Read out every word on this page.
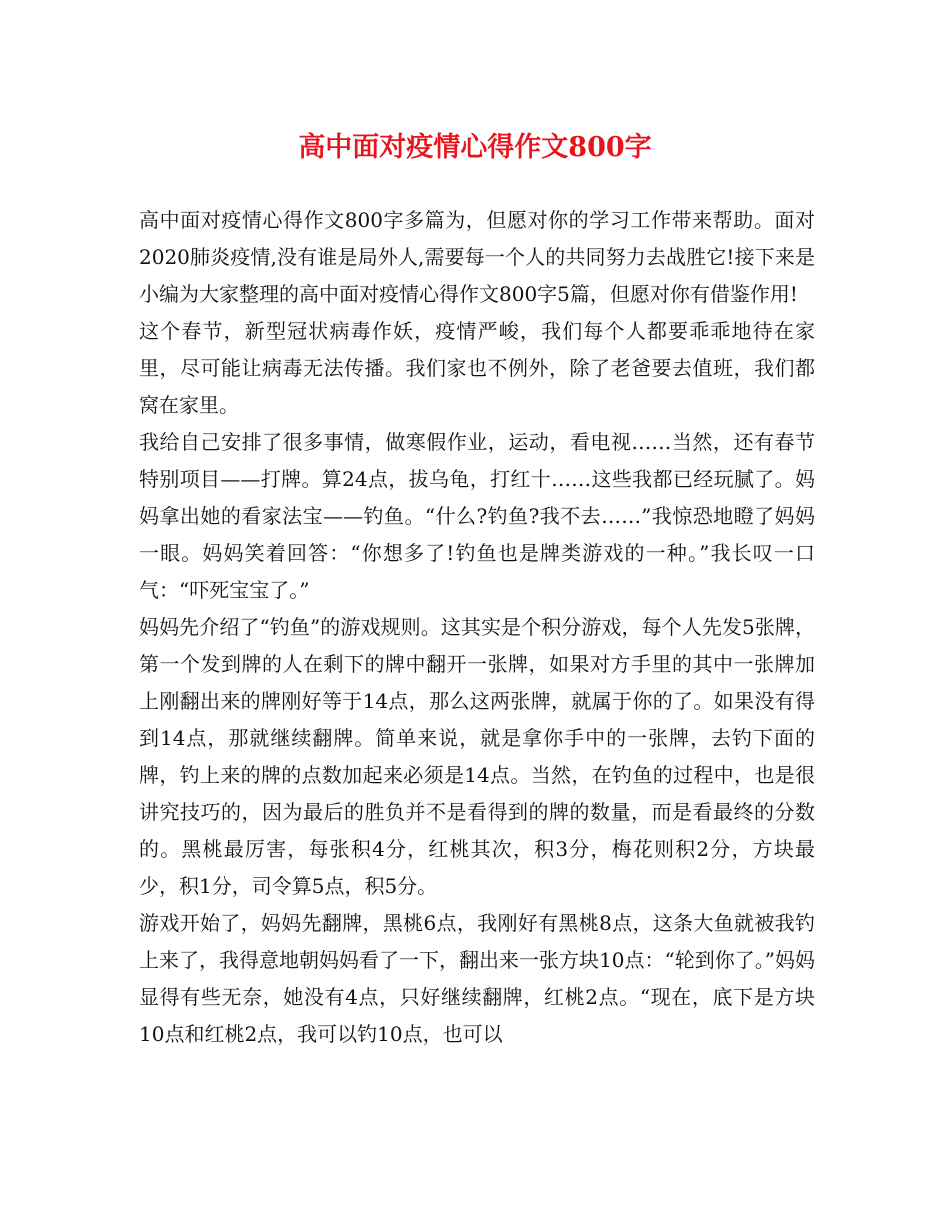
高中面对疫情心得作文800字

高中面对疫情心得作文800字多篇为，但愿对你的学习工作带来帮助。面对2020肺炎疫情,没有谁是局外人,需要每一个人的共同努力去战胜它!接下来是小编为大家整理的高中面对疫情心得作文800字5篇，但愿对你有借鉴作用!

这个春节，新型冠状病毒作妖，疫情严峻，我们每个人都要乖乖地待在家里，尽可能让病毒无法传播。我们家也不例外，除了老爸要去值班，我们都窝在家里。

我给自己安排了很多事情，做寒假作业，运动，看电视……当然，还有春节特别项目——打牌。算24点，拔乌龟，打红十……这些我都已经玩腻了。妈妈拿出她的看家法宝——钓鱼。“什么?钓鱼?我不去……”我惊恐地瞪了妈妈一眼。妈妈笑着回答：“你想多了!钓鱼也是牌类游戏的一种。”我长叹一口气：“吓死宝宝了。”

妈妈先介绍了“钓鱼”的游戏规则。这其实是个积分游戏，每个人先发5张牌，第一个发到牌的人在剩下的牌中翻开一张牌，如果对方手里的其中一张牌加上刚翻出来的牌刚好等于14点，那么这两张牌，就属于你的了。如果没有得到14点，那就继续翻牌。简单来说，就是拿你手中的一张牌，去钓下面的牌，钓上来的牌的点数加起来必须是14点。当然，在钓鱼的过程中，也是很讲究技巧的，因为最后的胜负并不是看得到的牌的数量，而是看最终的分数的。黑桃最厉害，每张积4分，红桃其次，积3分，梅花则积2分，方块最少，积1分，司令算5点，积5分。

游戏开始了，妈妈先翻牌，黑桃6点，我刚好有黑桃8点，这条大鱼就被我钓上来了，我得意地朝妈妈看了一下，翻出来一张方块10点：“轮到你了。”妈妈显得有些无奈，她没有4点，只好继续翻牌，红桃2点。“现在，底下是方块10点和红桃2点，我可以钓10点，也可以
